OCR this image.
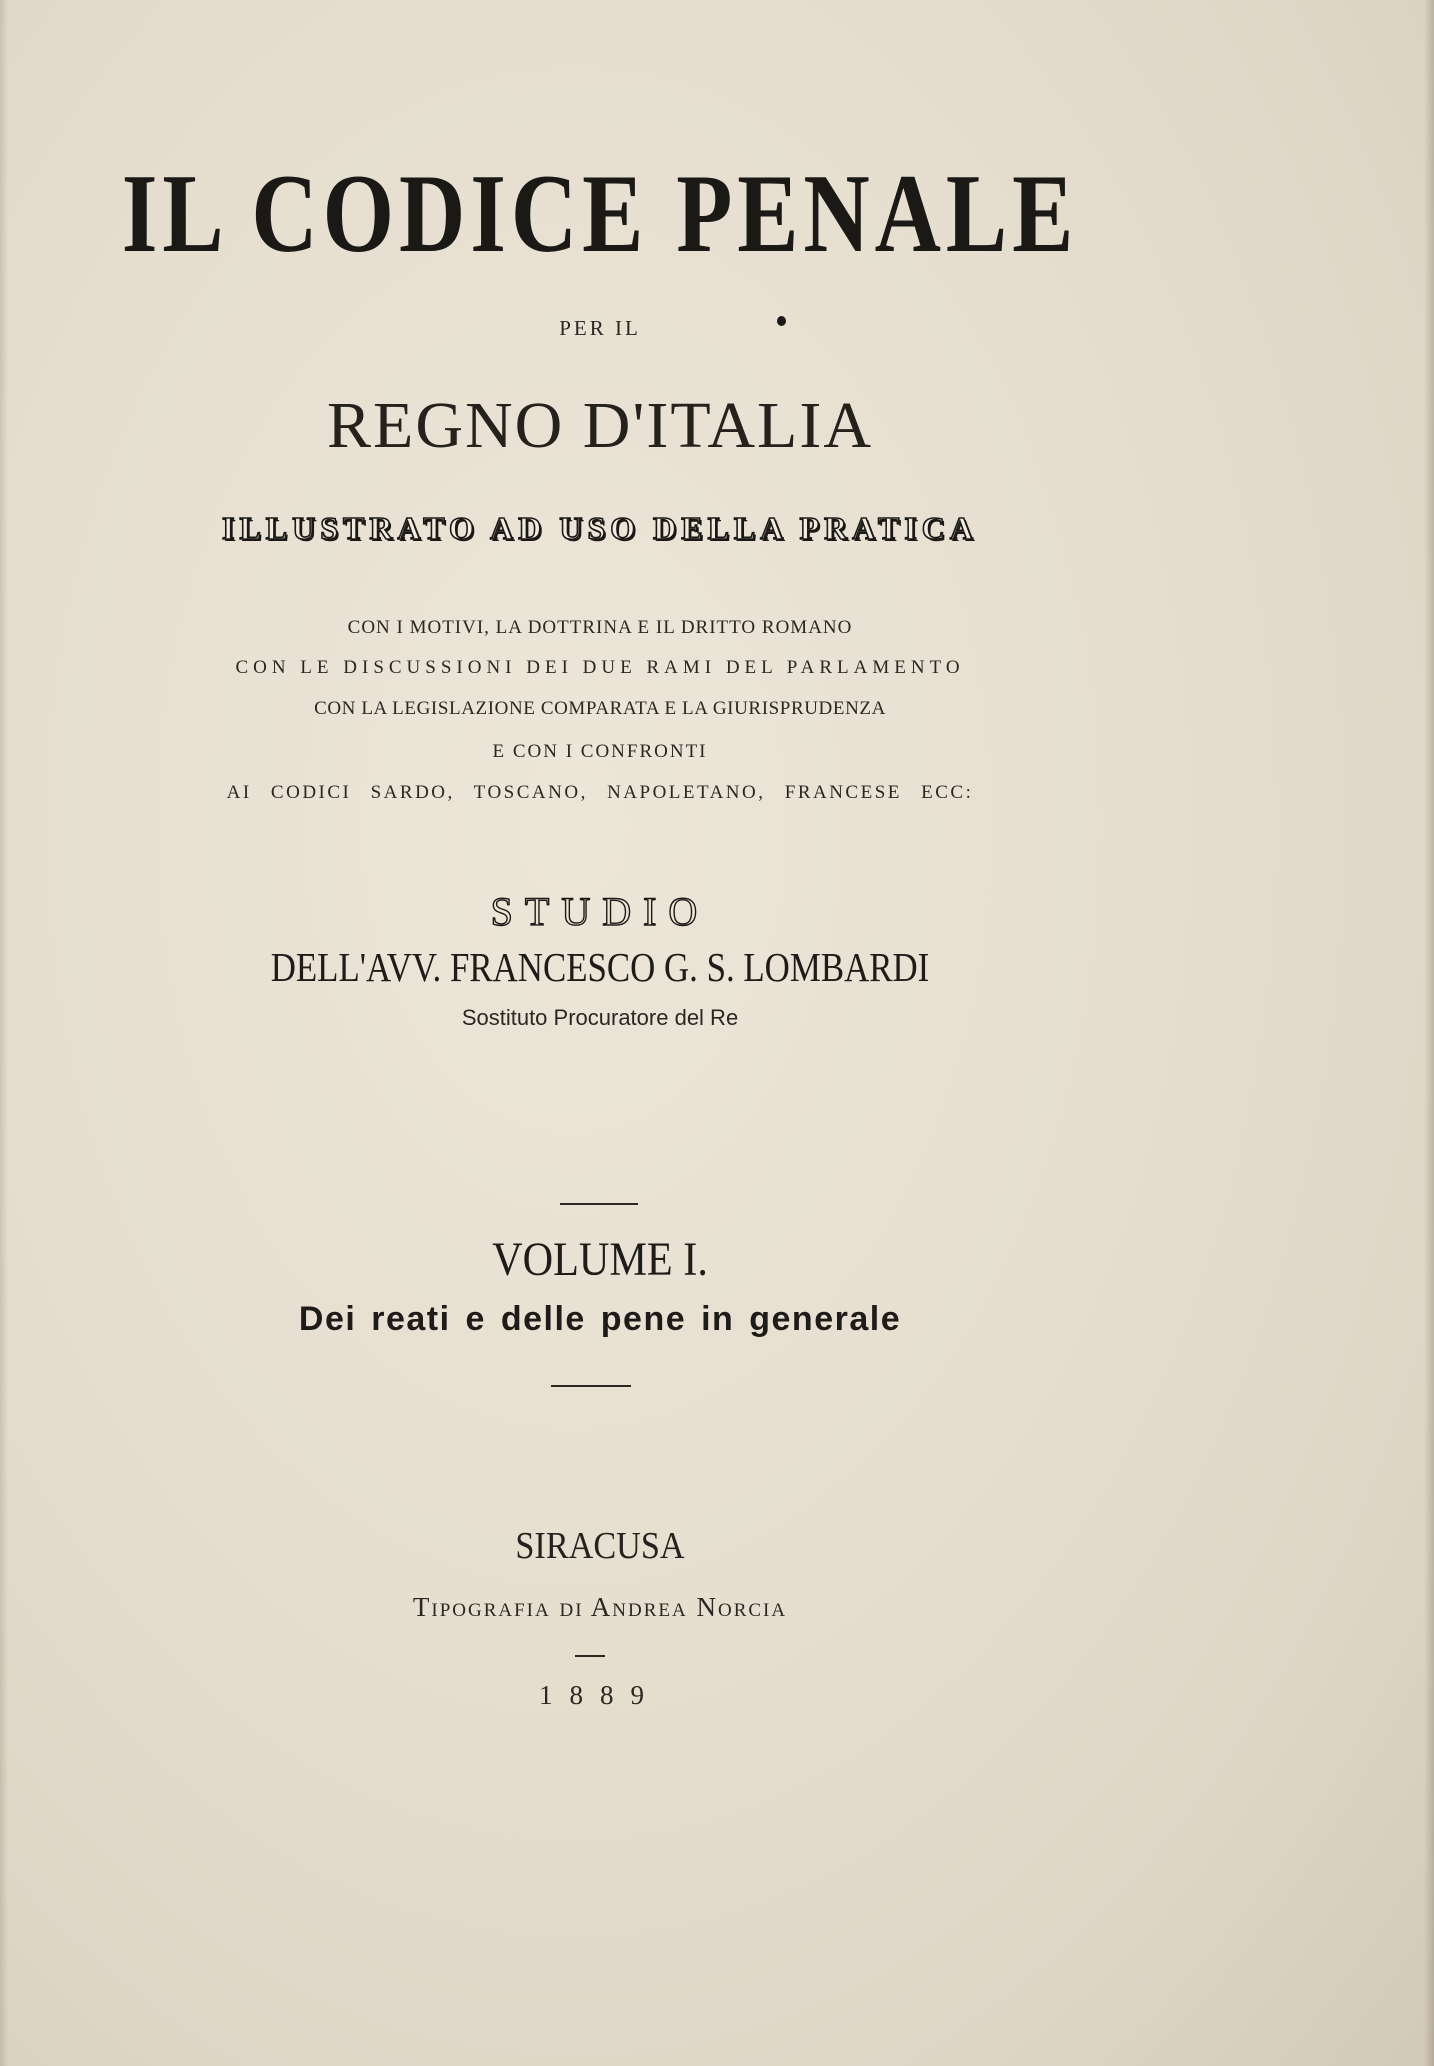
IL CODICE PENALE
PER IL
REGNO D'ITALIA
ILLUSTRATO AD USO DELLA PRATICA
CON I MOTIVI, LA DOTTRINA E IL DRITTO ROMANO
CON LE DISCUSSIONI DEI DUE RAMI DEL PARLAMENTO
CON LA LEGISLAZIONE COMPARATA E LA GIURISPRUDENZA
E CON I CONFRONTI
AI CODICI SARDO, TOSCANO, NAPOLETANO, FRANCESE ECC:
STUDIO
DELL'AVV. FRANCESCO G. S. LOMBARDI
Sostituto Procuratore del Re
VOLUME I.
Dei reati e delle pene in generale
SIRACUSA
Tipografia di Andrea Norcia
1889
